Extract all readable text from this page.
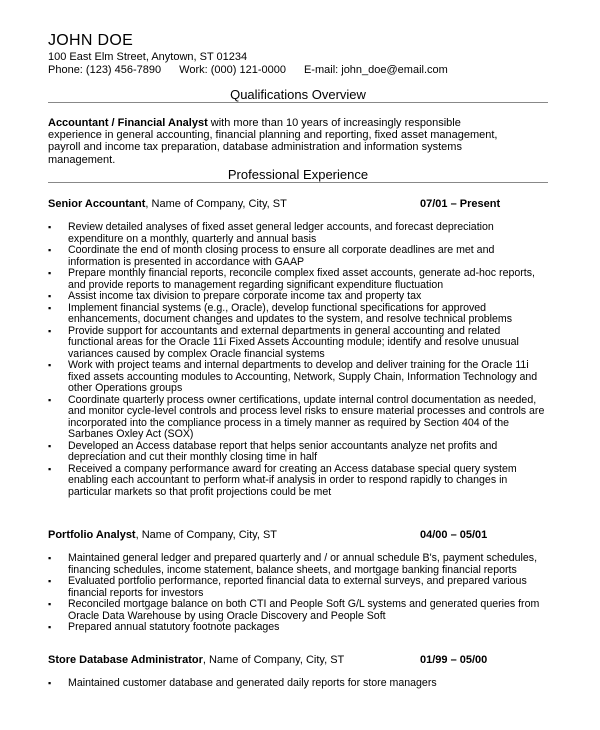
JOHN DOE
100 East Elm Street, Anytown, ST 01234
Phone: (123) 456-7890 Work: (000) 121-0000 E-mail: john_doe@email.com
Qualifications Overview
Accountant / Financial Analyst with more than 10 years of increasingly responsible experience in general accounting, financial planning and reporting, fixed asset management, payroll and income tax preparation, database administration and information systems management.
Professional Experience
Senior Accountant, Name of Company, City, ST	07/01 – Present
▪ Review detailed analyses of fixed asset general ledger accounts, and forecast depreciation expenditure on a monthly, quarterly and annual basis
▪ Coordinate the end of month closing process to ensure all corporate deadlines are met and information is presented in accordance with GAAP
▪ Prepare monthly financial reports, reconcile complex fixed asset accounts, generate ad-hoc reports, and provide reports to management regarding significant expenditure fluctuation
▪ Assist income tax division to prepare corporate income tax and property tax
▪ Implement financial systems (e.g., Oracle), develop functional specifications for approved enhancements, document changes and updates to the system, and resolve technical problems
▪ Provide support for accountants and external departments in general accounting and related functional areas for the Oracle 11i Fixed Assets Accounting module; identify and resolve unusual variances caused by complex Oracle financial systems
▪ Work with project teams and internal departments to develop and deliver training for the Oracle 11i fixed assets accounting modules to Accounting, Network, Supply Chain, Information Technology and other Operations groups
▪ Coordinate quarterly process owner certifications, update internal control documentation as needed, and monitor cycle-level controls and process level risks to ensure material processes and controls are incorporated into the compliance process in a timely manner as required by Section 404 of the Sarbanes Oxley Act (SOX)
▪ Developed an Access database report that helps senior accountants analyze net profits and depreciation and cut their monthly closing time in half
▪ Received a company performance award for creating an Access database special query system enabling each accountant to perform what-if analysis in order to respond rapidly to changes in particular markets so that profit projections could be met
Portfolio Analyst, Name of Company, City, ST	04/00 – 05/01
▪ Maintained general ledger and prepared quarterly and / or annual schedule B's, payment schedules, financing schedules, income statement, balance sheets, and mortgage banking financial reports
▪ Evaluated portfolio performance, reported financial data to external surveys, and prepared various financial reports for investors
▪ Reconciled mortgage balance on both CTI and People Soft G/L systems and generated queries from Oracle Data Warehouse by using Oracle Discovery and People Soft
▪ Prepared annual statutory footnote packages
Store Database Administrator, Name of Company, City, ST	01/99 – 05/00
▪ Maintained customer database and generated daily reports for store managers
